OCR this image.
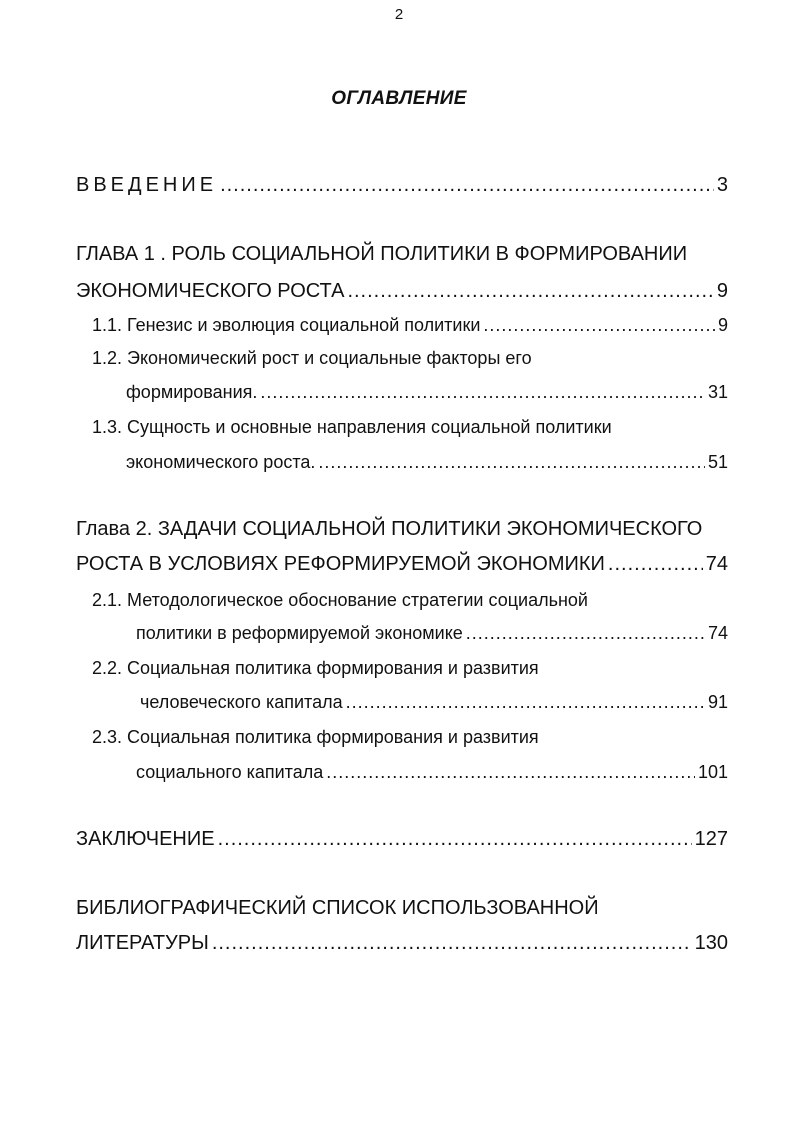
2
ОГЛАВЛЕНИЕ
ВВЕДЕНИЕ .....	3
ГЛАВА 1 . РОЛЬ СОЦИАЛЬНОЙ ПОЛИТИКИ В ФОРМИРОВАНИИ
ЭКОНОМИЧЕСКОГО РОСТА .....	9
1.1. Генезис и эволюция социальной политики .....	9
1.2. Экономический рост и социальные факторы его
формирования. .....	31
1.3. Сущность и основные направления социальной политики
экономического роста. .....	51
Глава 2. ЗАДАЧИ СОЦИАЛЬНОЙ ПОЛИТИКИ ЭКОНОМИЧЕСКОГО
РОСТА В УСЛОВИЯХ РЕФОРМИРУЕМОЙ ЭКОНОМИКИ .....	74
2.1. Методологическое обоснование стратегии социальной
политики в реформируемой экономике .....	74
2.2. Социальная политика формирования и развития
человеческого капитала .....	91
2.3. Социальная политика формирования и развития
социального капитала .....	101
ЗАКЛЮЧЕНИЕ .....	127
БИБЛИОГРАФИЧЕСКИЙ СПИСОК ИСПОЛЬЗОВАННОЙ
ЛИТЕРАТУРЫ .....	130
